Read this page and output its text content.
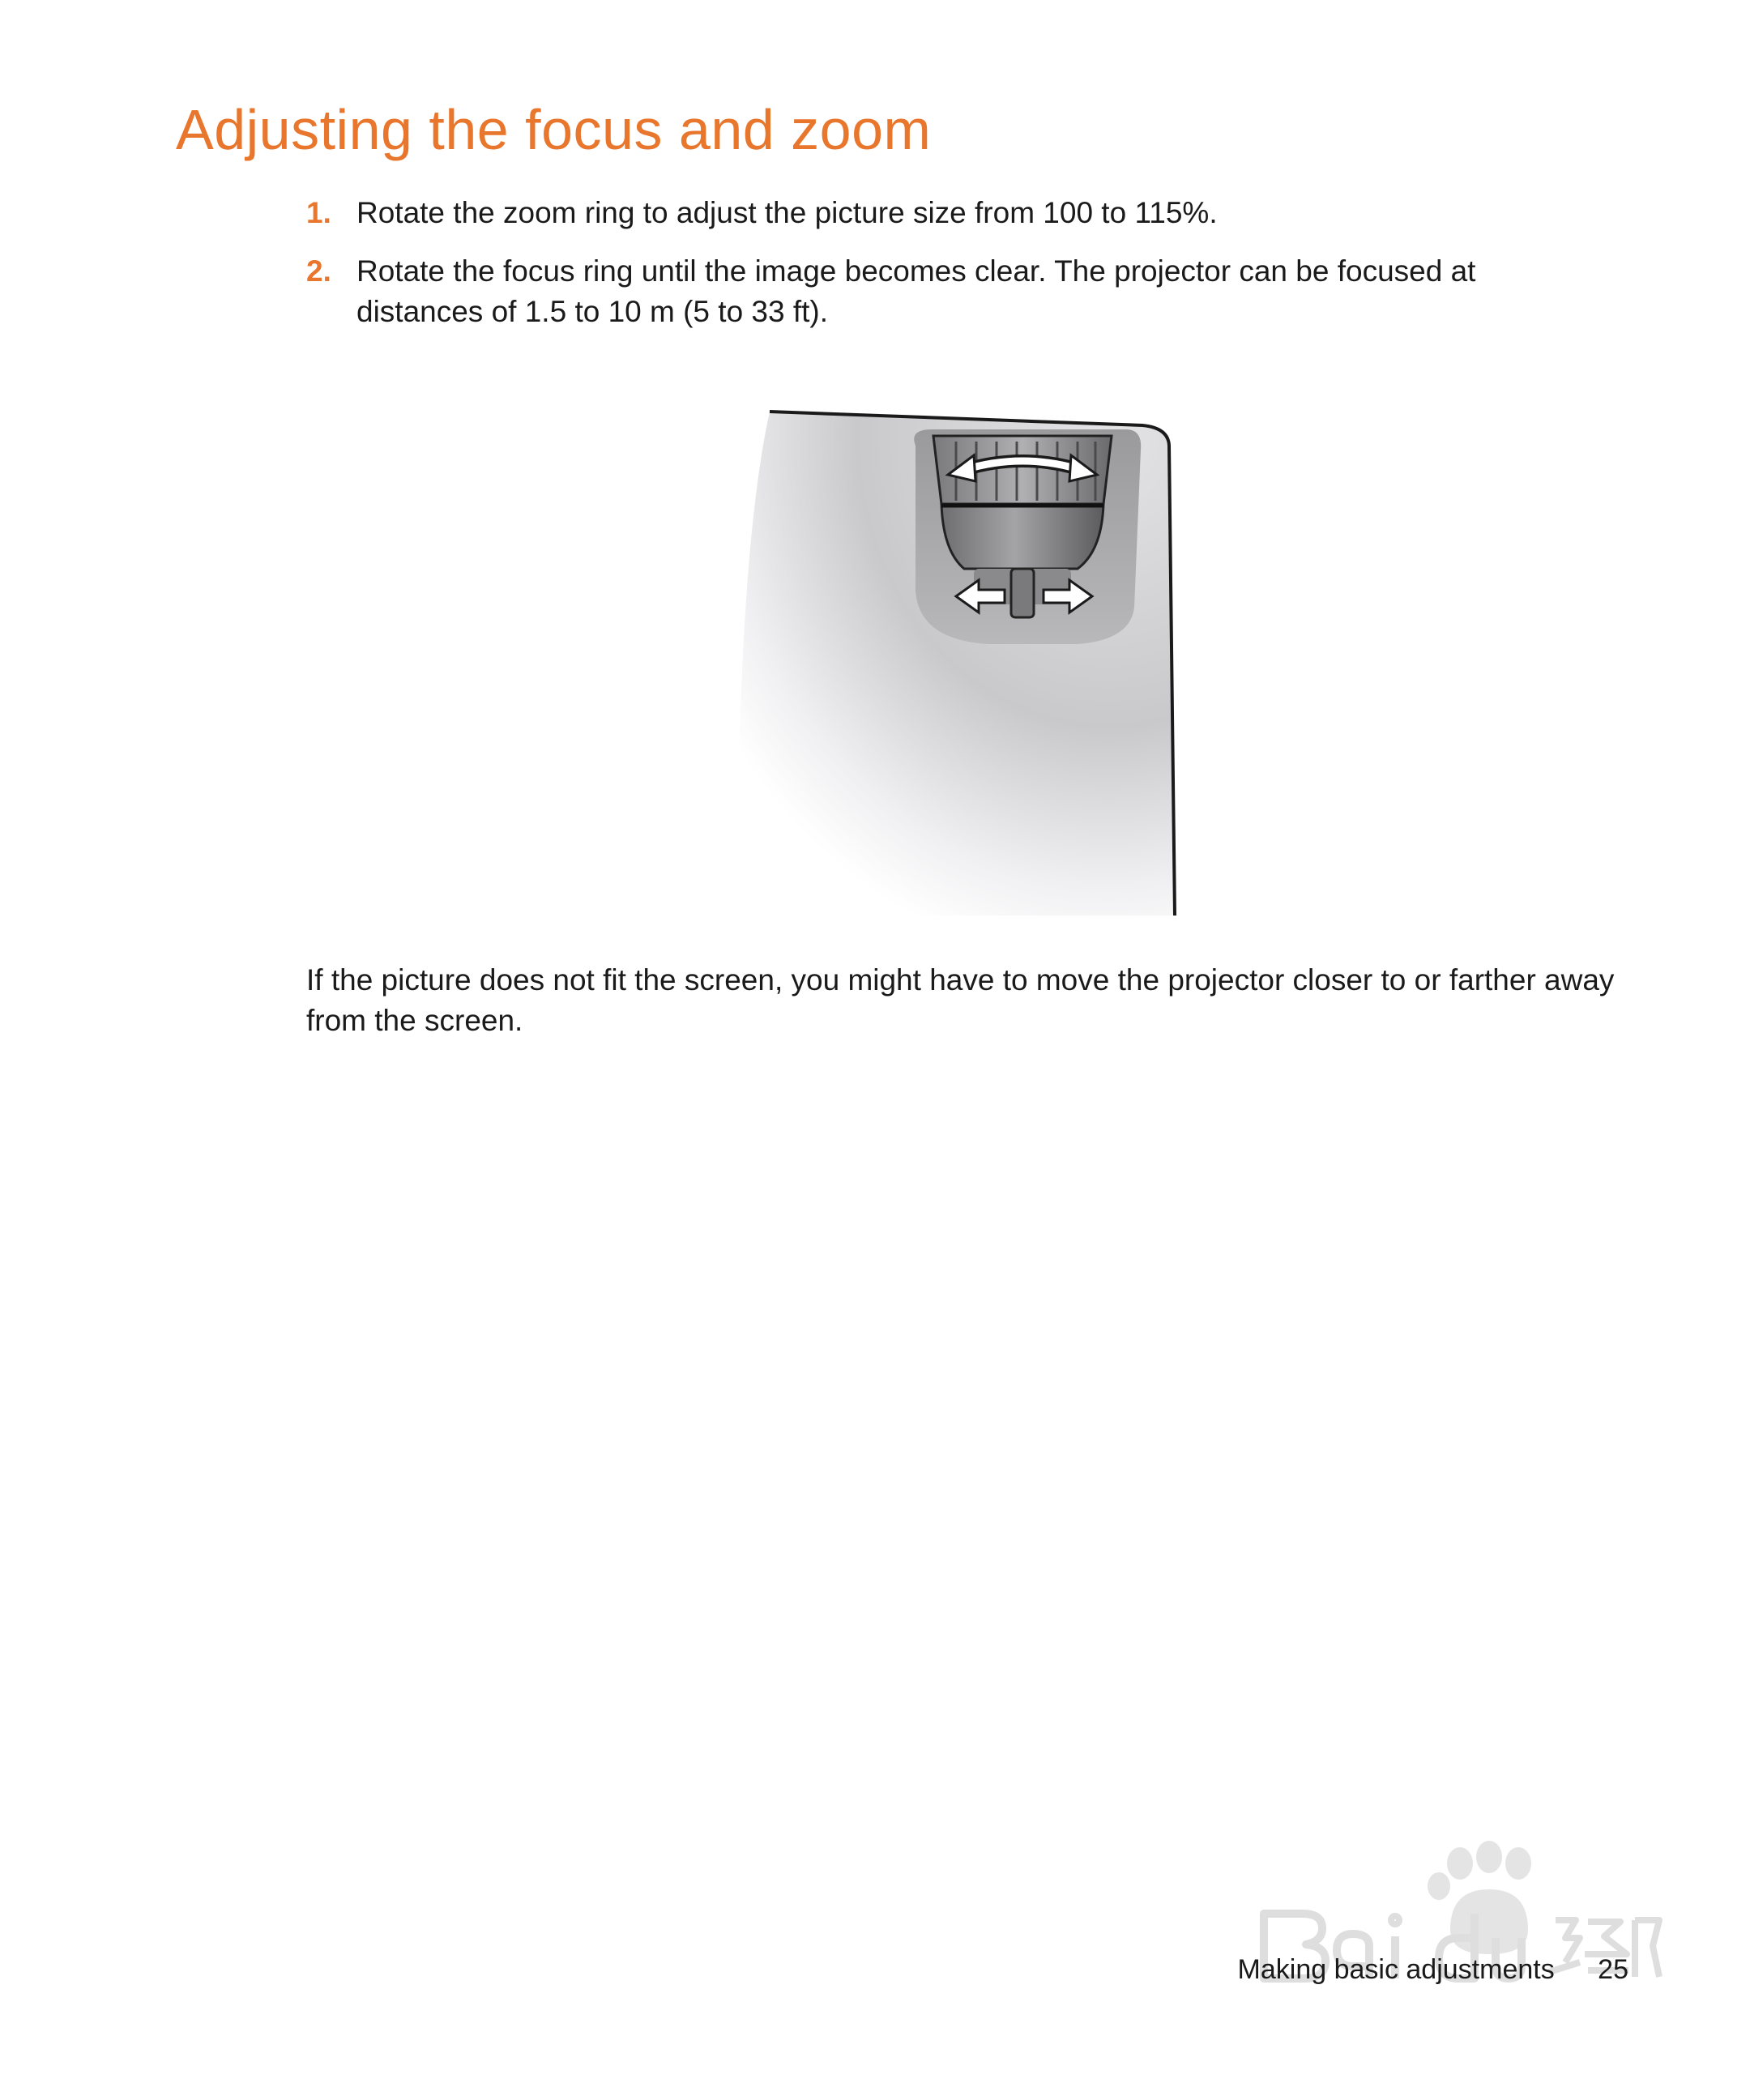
Adjusting the focus and zoom
1. Rotate the zoom ring to adjust the picture size from 100 to 115%.
2. Rotate the focus ring until the image becomes clear. The projector can be focused at distances of 1.5 to 10 m (5 to 33 ft).

If the picture does not fit the screen, you might have to move the projector closer to or farther away from the screen.

Making basic adjustments 25
